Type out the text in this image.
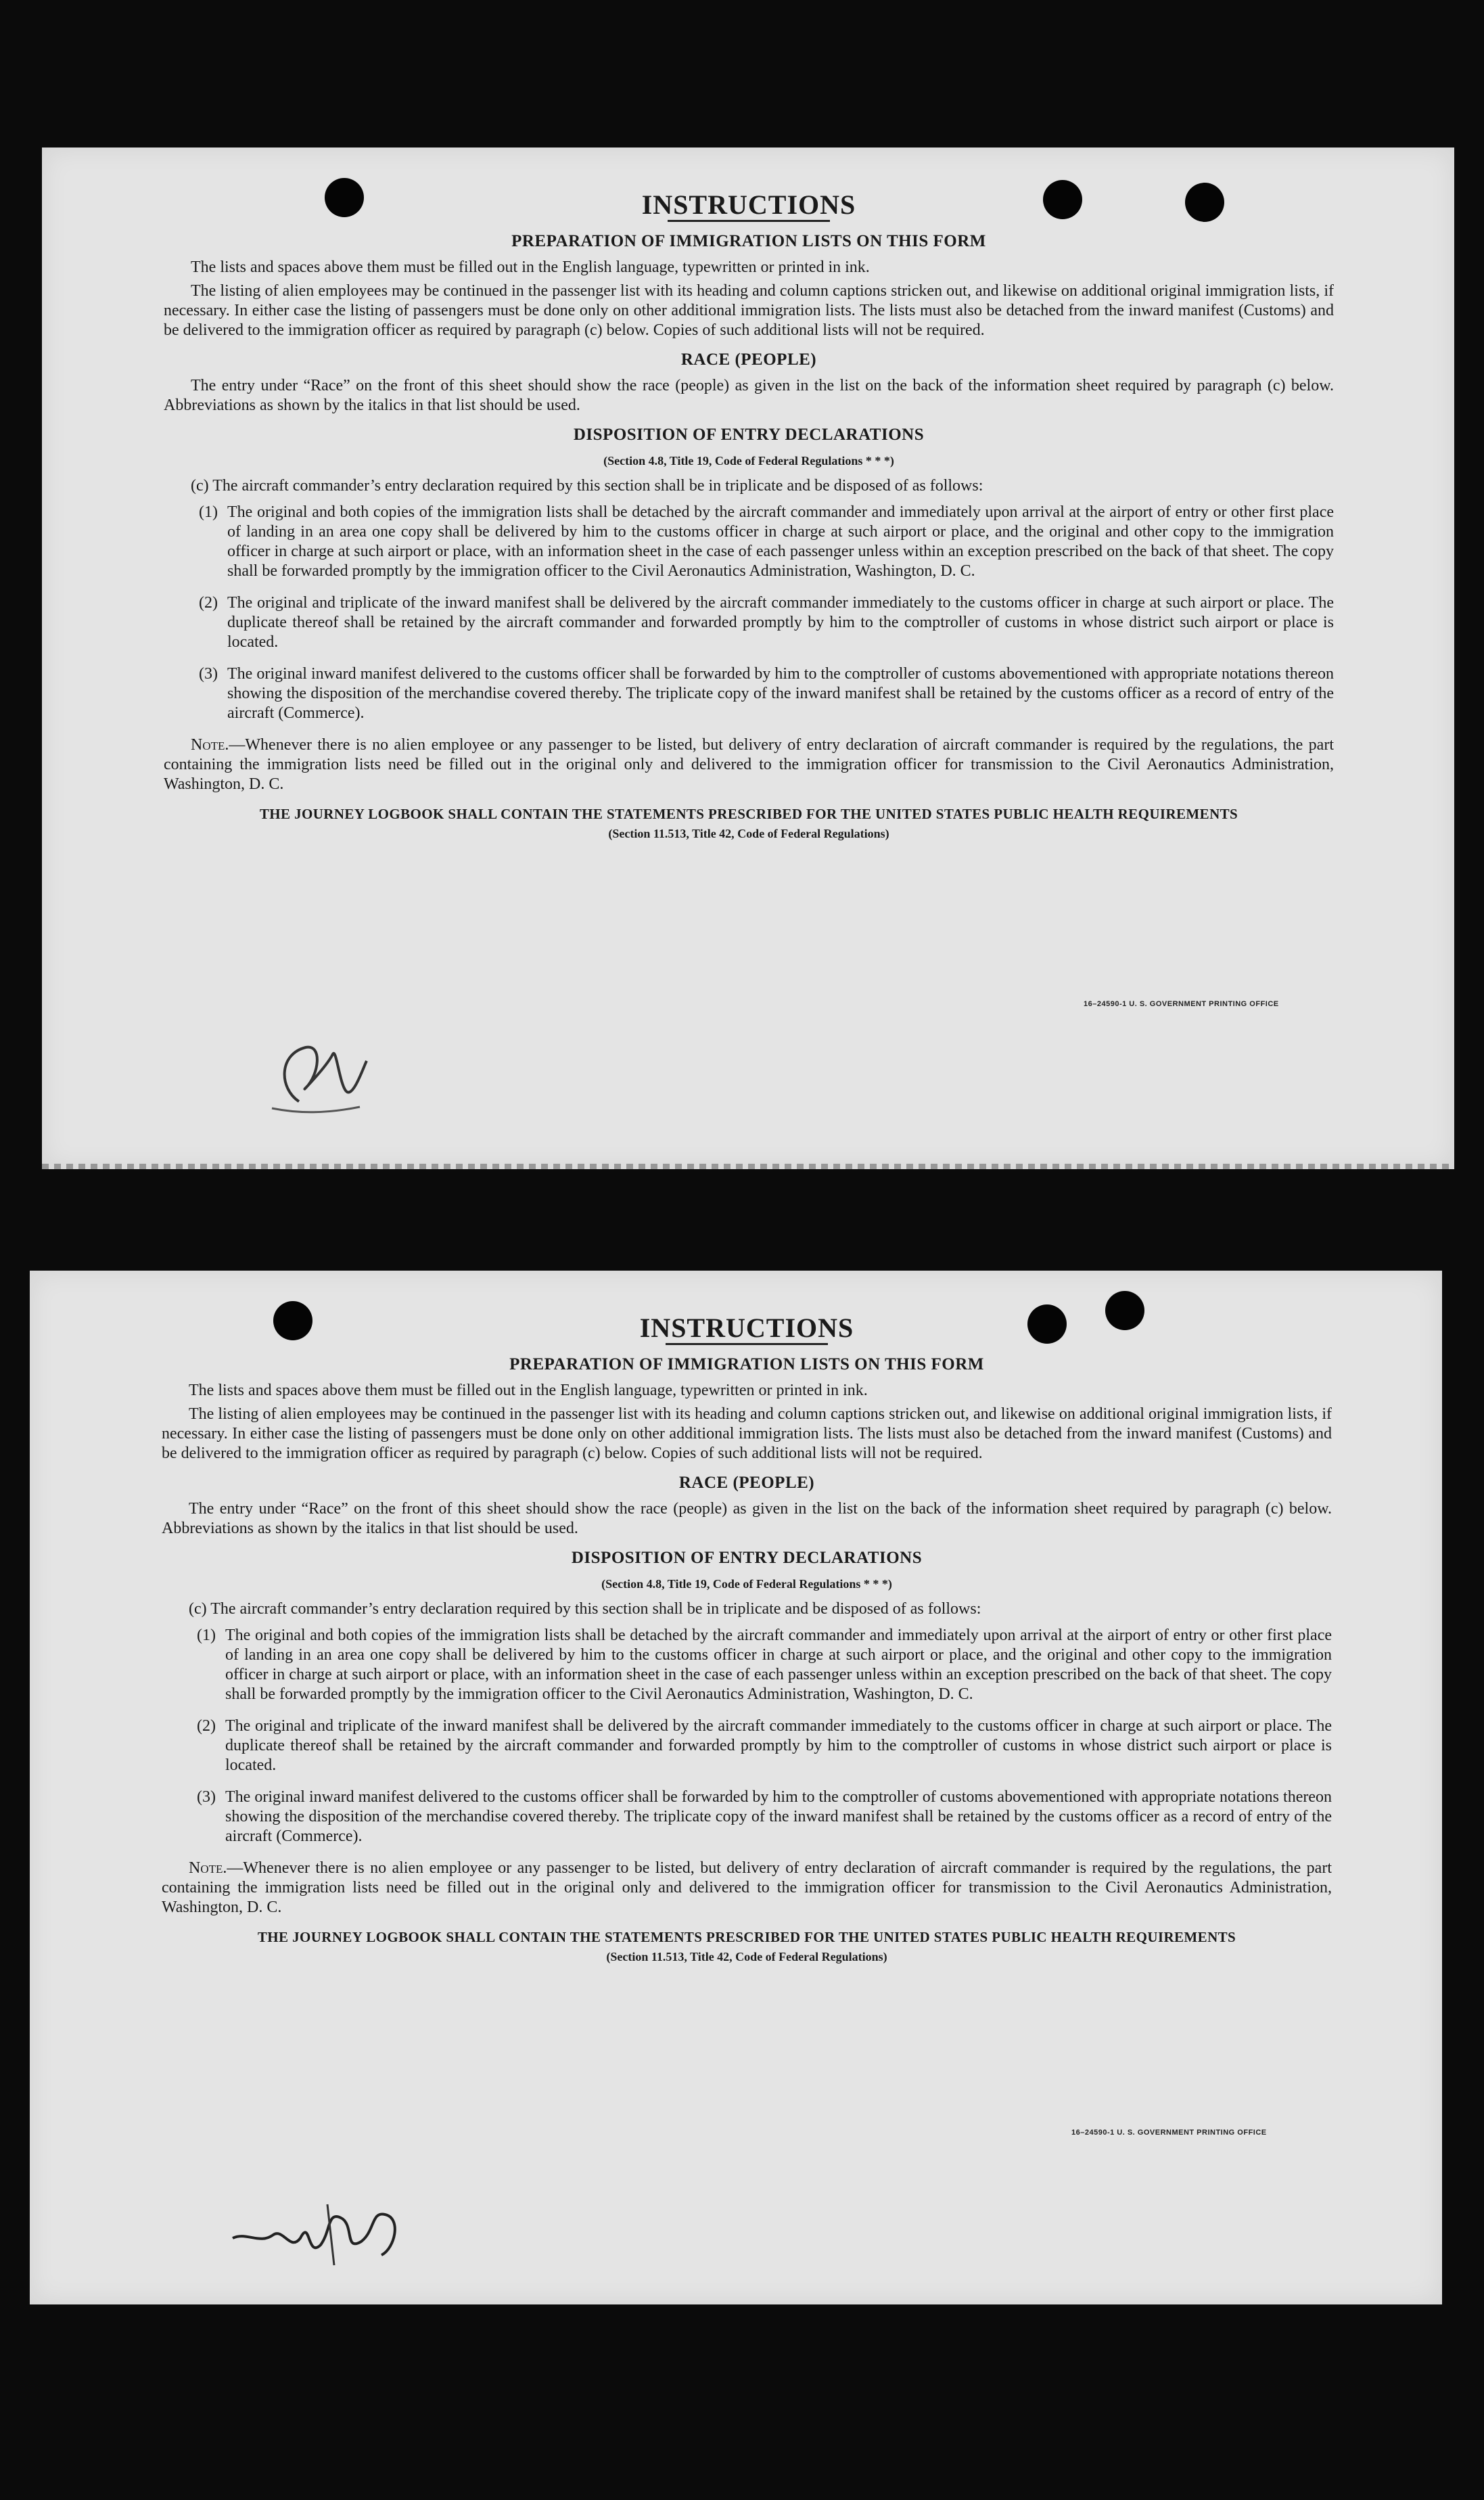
INSTRUCTIONS
PREPARATION OF IMMIGRATION LISTS ON THIS FORM

The lists and spaces above them must be filled out in the English language, typewritten or printed in ink.

The listing of alien employees may be continued in the passenger list with its heading and column captions stricken out, and likewise on additional original immigration lists, if necessary. In either case the listing of passengers must be done only on other additional immigration lists. The lists must also be detached from the inward manifest (Customs) and be delivered to the immigration officer as required by paragraph (c) below. Copies of such additional lists will not be required.

RACE (PEOPLE)

The entry under “Race” on the front of this sheet should show the race (people) as given in the list on the back of the information sheet required by paragraph (c) below. Abbreviations as shown by the italics in that list should be used.

DISPOSITION OF ENTRY DECLARATIONS
(Section 4.8, Title 19, Code of Federal Regulations * * *)

(c) The aircraft commander’s entry declaration required by this section shall be in triplicate and be disposed of as follows:

(1) The original and both copies of the immigration lists shall be detached by the aircraft commander and immediately upon arrival at the airport of entry or other first place of landing in an area one copy shall be delivered by him to the customs officer in charge at such airport or place, and the original and other copy to the immigration officer in charge at such airport or place, with an information sheet in the case of each passenger unless within an exception prescribed on the back of that sheet. The copy shall be forwarded promptly by the immigration officer to the Civil Aeronautics Administration, Washington, D. C.
(2) The original and triplicate of the inward manifest shall be delivered by the aircraft commander immediately to the customs officer in charge at such airport or place. The duplicate thereof shall be retained by the aircraft commander and forwarded promptly by him to the comptroller of customs in whose district such airport or place is located.
(3) The original inward manifest delivered to the customs officer shall be forwarded by him to the comptroller of customs abovementioned with appropriate notations thereon showing the disposition of the merchandise covered thereby. The triplicate copy of the inward manifest shall be retained by the customs officer as a record of entry of the aircraft (Commerce).

Note.—Whenever there is no alien employee or any passenger to be listed, but delivery of entry declaration of aircraft commander is required by the regulations, the part containing the immigration lists need be filled out in the original only and delivered to the immigration officer for transmission to the Civil Aeronautics Administration, Washington, D. C.

THE JOURNEY LOGBOOK SHALL CONTAIN THE STATEMENTS PRESCRIBED FOR THE UNITED STATES PUBLIC HEALTH REQUIREMENTS
(Section 11.513, Title 42, Code of Federal Regulations)
16–24590-1 U. S. GOVERNMENT PRINTING OFFICE
INSTRUCTIONS
PREPARATION OF IMMIGRATION LISTS ON THIS FORM

The lists and spaces above them must be filled out in the English language, typewritten or printed in ink.

The listing of alien employees may be continued in the passenger list with its heading and column captions stricken out, and likewise on additional original immigration lists, if necessary. In either case the listing of passengers must be done only on other additional immigration lists. The lists must also be detached from the inward manifest (Customs) and be delivered to the immigration officer as required by paragraph (c) below. Copies of such additional lists will not be required.

RACE (PEOPLE)

The entry under “Race” on the front of this sheet should show the race (people) as given in the list on the back of the information sheet required by paragraph (c) below. Abbreviations as shown by the italics in that list should be used.

DISPOSITION OF ENTRY DECLARATIONS
(Section 4.8, Title 19, Code of Federal Regulations * * *)

(c) The aircraft commander’s entry declaration required by this section shall be in triplicate and be disposed of as follows:

(1) The original and both copies of the immigration lists shall be detached by the aircraft commander and immediately upon arrival at the airport of entry or other first place of landing in an area one copy shall be delivered by him to the customs officer in charge at such airport or place, and the original and other copy to the immigration officer in charge at such airport or place, with an information sheet in the case of each passenger unless within an exception prescribed on the back of that sheet. The copy shall be forwarded promptly by the immigration officer to the Civil Aeronautics Administration, Washington, D. C.
(2) The original and triplicate of the inward manifest shall be delivered by the aircraft commander immediately to the customs officer in charge at such airport or place. The duplicate thereof shall be retained by the aircraft commander and forwarded promptly by him to the comptroller of customs in whose district such airport or place is located.
(3) The original inward manifest delivered to the customs officer shall be forwarded by him to the comptroller of customs abovementioned with appropriate notations thereon showing the disposition of the merchandise covered thereby. The triplicate copy of the inward manifest shall be retained by the customs officer as a record of entry of the aircraft (Commerce).

Note.—Whenever there is no alien employee or any passenger to be listed, but delivery of entry declaration of aircraft commander is required by the regulations, the part containing the immigration lists need be filled out in the original only and delivered to the immigration officer for transmission to the Civil Aeronautics Administration, Washington, D. C.

THE JOURNEY LOGBOOK SHALL CONTAIN THE STATEMENTS PRESCRIBED FOR THE UNITED STATES PUBLIC HEALTH REQUIREMENTS
(Section 11.513, Title 42, Code of Federal Regulations)
16–24590-1 U. S. GOVERNMENT PRINTING OFFICE
